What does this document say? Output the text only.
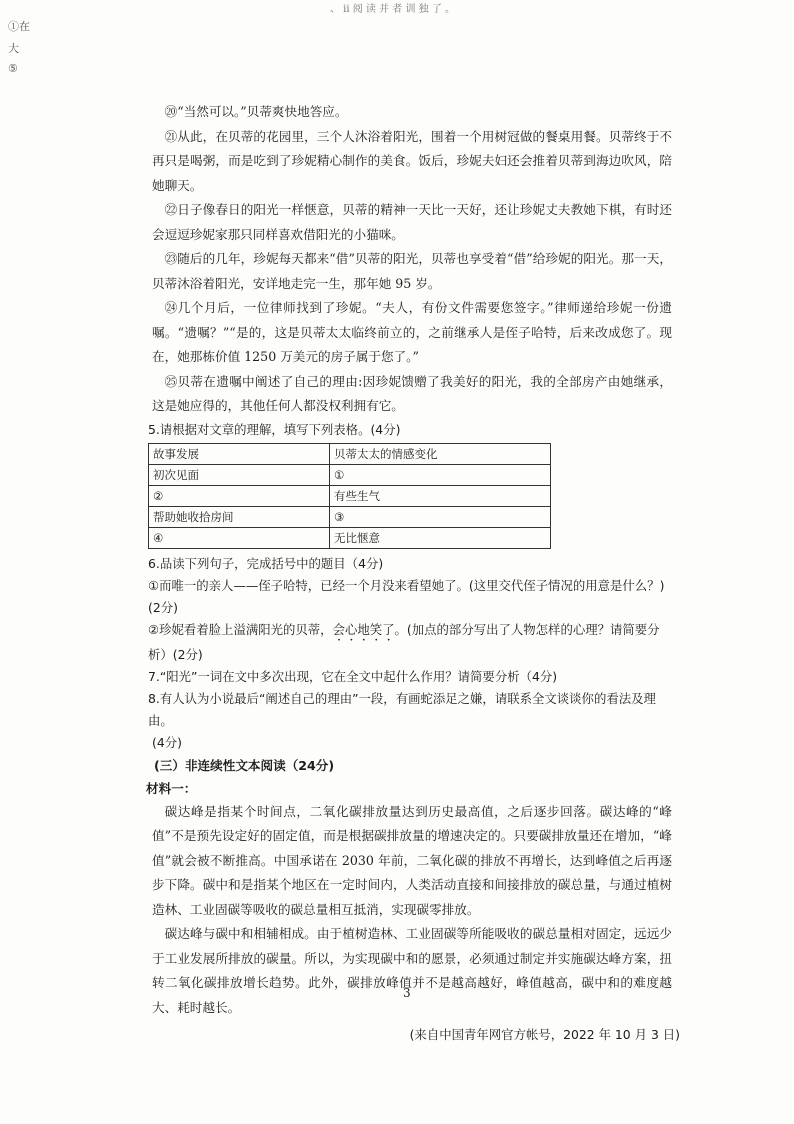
、 ii 阅 读 并 者 训 独 了 。
①在
大
⑤

⑳“当然可以。”贝蒂爽快地答应。

㉑从此，在贝蒂的花园里，三个人沐浴着阳光，围着一个用树冠做的餐桌用餐。贝蒂终于不再只是喝粥，而是吃到了珍妮精心制作的美食。饭后，珍妮夫妇还会推着贝蒂到海边吹风，陪她聊天。

㉒日子像春日的阳光一样惬意，贝蒂的精神一天比一天好，还让珍妮丈夫教她下棋，有时还会逗逗珍妮家那只同样喜欢借阳光的小猫咪。

㉓随后的几年，珍妮每天都来“借”贝蒂的阳光，贝蒂也享受着“借”给珍妮的阳光。那一天，贝蒂沐浴着阳光，安详地走完一生，那年她 95 岁。

㉔几个月后，一位律师找到了珍妮。“夫人，有份文件需要您签字。”律师递给珍妮一份遗嘱。“遗嘱？”“是的，这是贝蒂太太临终前立的，之前继承人是侄子哈特，后来改成您了。现在，她那栋价值 1250 万美元的房子属于您了。”

㉕贝蒂在遗嘱中阐述了自己的理由:因珍妮馈赠了我美好的阳光，我的全部房产由她继承，这是她应得的，其他任何人都没权利拥有它。

5.请根据对文章的理解，填写下列表格。(4分)

故事发展	贝蒂太太的情感变化
初次见面	①
②	有些生气
帮助她收拾房间	③
④	无比惬意

6.品读下列句子，完成括号中的题目（4分)

①而唯一的亲人——侄子哈特，已经一个月没来看望她了。(这里交代侄子情况的用意是什么？)(2分)

②珍妮看着脸上溢满阳光的贝蒂，会心地笑了。(加点的部分写出了人物怎样的心理？请简要分析）(2分)

7.“阳光”一词在文中多次出现，它在全文中起什么作用？请简要分析（4分)

8.有人认为小说最后“阐述自己的理由”一段，有画蛇添足之嫌，请联系全文谈谈你的看法及理由。

(4分)

(三）非连续性文本阅读（24分)

材料一：

碳达峰是指某个时间点，二氧化碳排放量达到历史最高值，之后逐步回落。碳达峰的“峰值”不是预先设定好的固定值，而是根据碳排放量的增速决定的。只要碳排放量还在增加，“峰值”就会被不断推高。中国承诺在 2030 年前，二氧化碳的排放不再增长，达到峰值之后再逐步下降。碳中和是指某个地区在一定时间内，人类活动直接和间接排放的碳总量，与通过植树造林、工业固碳等吸收的碳总量相互抵消，实现碳零排放。

碳达峰与碳中和相辅相成。由于植树造林、工业固碳等所能吸收的碳总量相对固定，远远少于工业发展所排放的碳量。所以，为实现碳中和的愿景，必须通过制定并实施碳达峰方案，扭转二氧化碳排放增长趋势。此外，碳排放峰值并不是越高越好，峰值越高，碳中和的难度越大、耗时越长。

(来自中国青年网官方帐号，2022 年 10 月 3 日)

3
